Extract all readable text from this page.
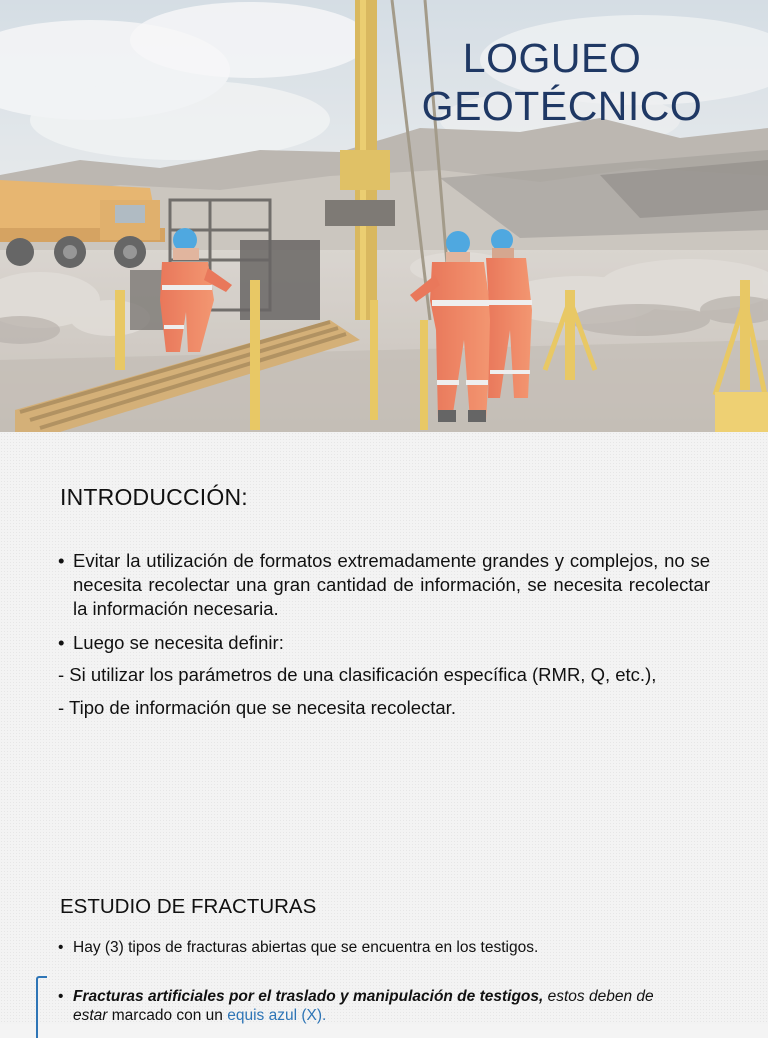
LOGUEO
GEOTÉCNICO
INTRODUCCIÓN:
• Evitar la utilización de formatos extremadamente grandes y complejos, no se necesita recolectar una gran cantidad de información, se necesita recolectar la información necesaria.
• Luego se necesita definir:
- Si utilizar los parámetros de una clasificación específica (RMR, Q, etc.),
- Tipo de información que se necesita recolectar.
ESTUDIO DE FRACTURAS
• Hay (3) tipos de fracturas abiertas que se encuentra en los testigos.
• Fracturas artificiales por el traslado y manipulación de testigos, estos deben de
estar marcado con un equis azul (X).
